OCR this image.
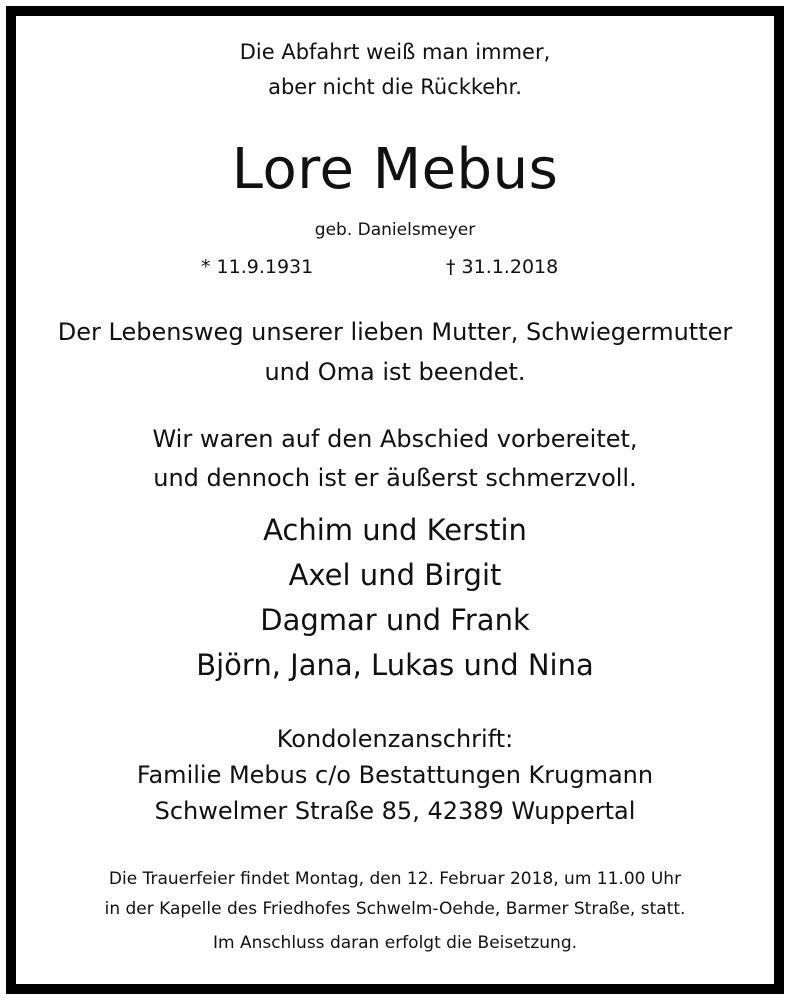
Die Abfahrt weiß man immer,
aber nicht die Rückkehr.
Lore Mebus
geb. Danielsmeyer
* 11.9.1931	† 31.1.2018
Der Lebensweg unserer lieben Mutter, Schwiegermutter
und Oma ist beendet.
Wir waren auf den Abschied vorbereitet,
und dennoch ist er äußerst schmerzvoll.
Achim und Kerstin
Axel und Birgit
Dagmar und Frank
Björn, Jana, Lukas und Nina
Kondolenzanschrift:
Familie Mebus c/o Bestattungen Krugmann
Schwelmer Straße 85, 42389 Wuppertal
Die Trauerfeier findet Montag, den 12. Februar 2018, um 11.00 Uhr
in der Kapelle des Friedhofes Schwelm-Oehde, Barmer Straße, statt.
Im Anschluss daran erfolgt die Beisetzung.
